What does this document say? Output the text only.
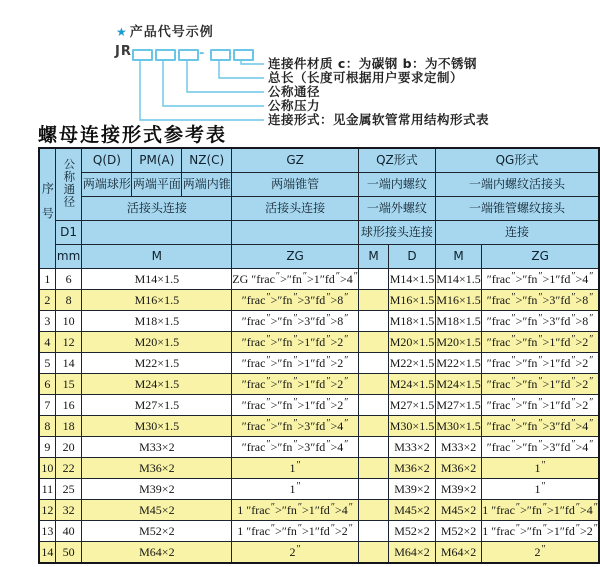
★ 产品代号示例
JR	-
连接件材质 c：为碳钢 b：为不锈钢
总长（长度可根据用户要求定制）
公称通径
公称压力
连接形式：见金属软管常用结构形式表
螺母连接形式参考表
序号	公称通径	Q(D)	PM(A)	NZ(C)	GZ	QZ形式		QG形式	
		两端球形	两端平面	两端内锥	两端锥管	一端内螺纹		一端内螺纹活接头	
		活接头连接			活接头连接	一端外螺纹		一端锥管螺纹接头	
	D1					球形接头连接		连接	
	mm	M			ZG	M	D	M	ZG
1	6	M14×1.5			ZG ″frac″>″fn″>1″fd″>4″		M14×1.5	M14×1.5	″frac″>″fn″>1″fd″>4″
2	8	M16×1.5			″frac″>″fn″>3″fd″>8″		M16×1.5	M16×1.5	″frac″>″fn″>3″fd″>8″
3	10	M18×1.5			″frac″>″fn″>3″fd″>8″		M18×1.5	M18×1.5	″frac″>″fn″>3″fd″>8″
4	12	M20×1.5			″frac″>″fn″>1″fd″>2″		M20×1.5	M20×1.5	″frac″>″fn″>1″fd″>2″
5	14	M22×1.5			″frac″>″fn″>1″fd″>2″		M22×1.5	M22×1.5	″frac″>″fn″>1″fd″>2″
6	15	M24×1.5			″frac″>″fn″>1″fd″>2″		M24×1.5	M24×1.5	″frac″>″fn″>1″fd″>2″
7	16	M27×1.5			″frac″>″fn″>1″fd″>2″		M27×1.5	M27×1.5	″frac″>″fn″>1″fd″>2″
8	18	M30×1.5			″frac″>″fn″>3″fd″>4″		M30×1.5	M30×1.5	″frac″>″fn″>3″fd″>4″
9	20	M33×2			″frac″>″fn″>3″fd″>4″		M33×2	M33×2	″frac″>″fn″>3″fd″>4″
10	22	M36×2			1″		M36×2	M36×2	1″
11	25	M39×2			1″		M39×2	M39×2	1″
12	32	M45×2			1 ″frac″>″fn″>1″fd″>4″		M45×2	M45×2	1 ″frac″>″fn″>1″fd″>4″
13	40	M52×2			1 ″frac″>″fn″>1″fd″>2″		M52×2	M52×2	1 ″frac″>″fn″>1″fd″>2″
14	50	M64×2			2″		M64×2	M64×2	2″
